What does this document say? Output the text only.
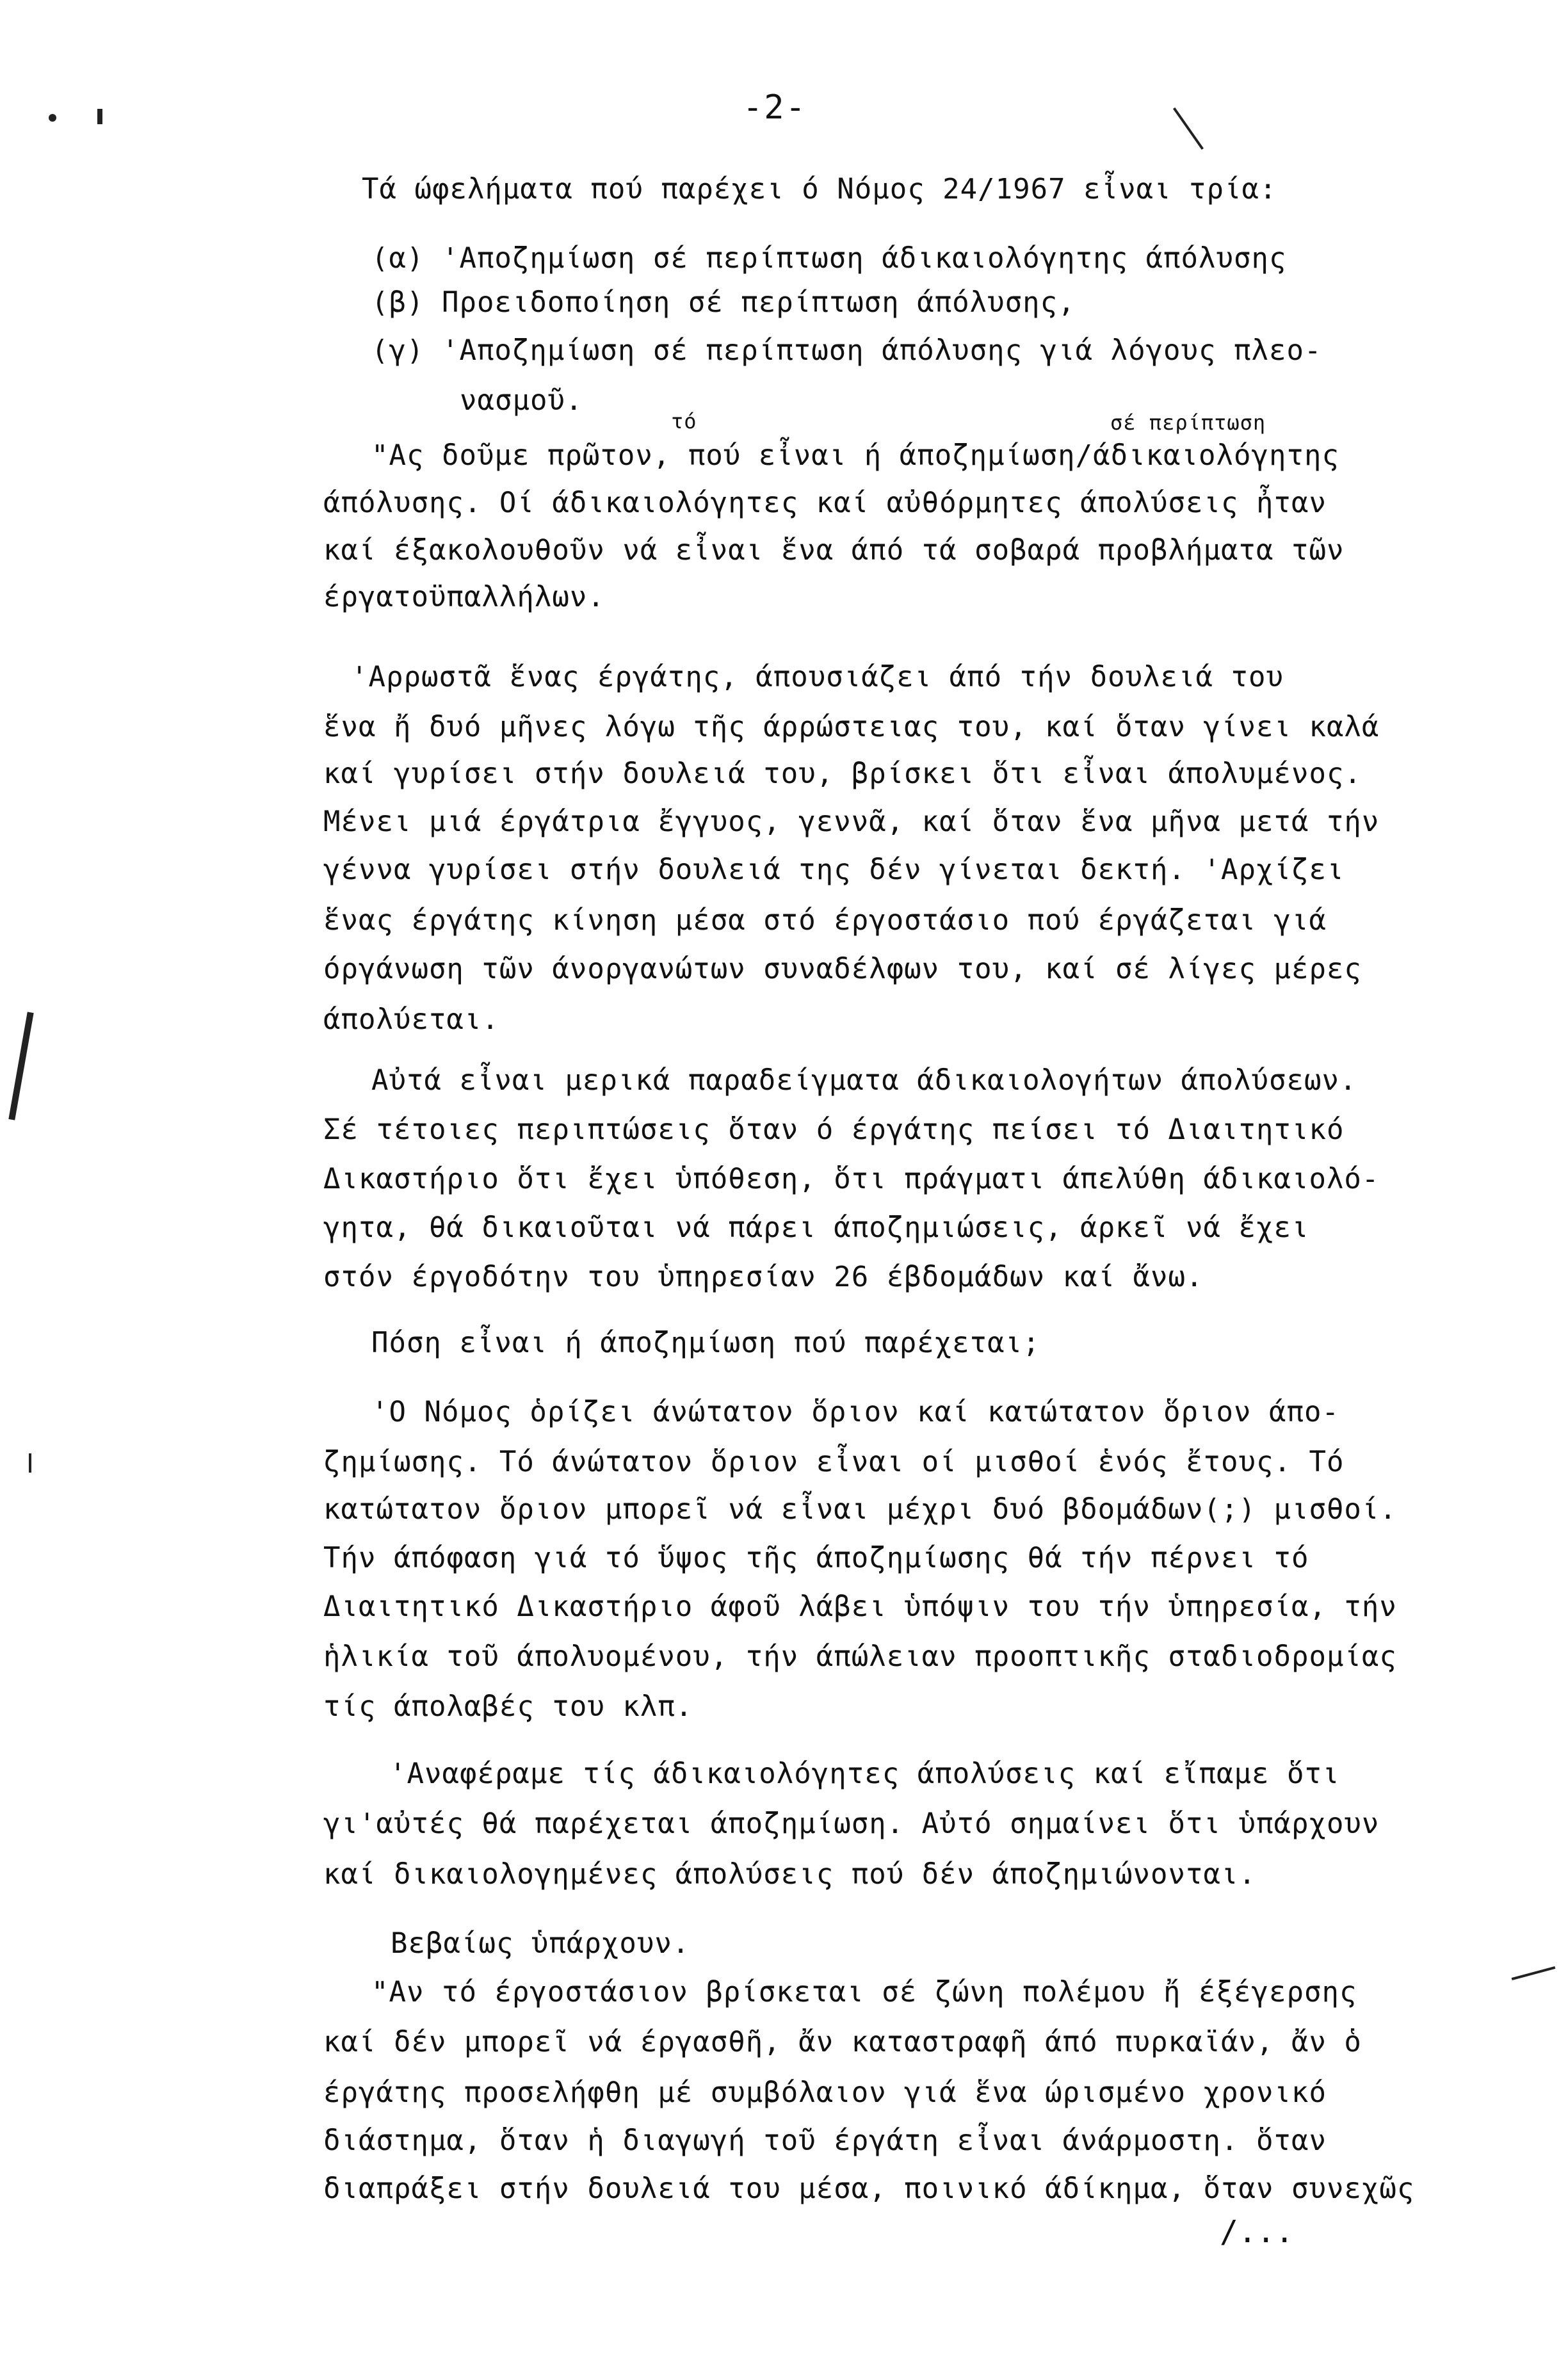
-2-
Τά ώφελήματα πού παρέχει ό Νόμος 24/1967 εἶναι τρία:
(α) 'Αποζημίωση σέ περίπτωση άδικαιολόγητης άπόλυσης
(β) Προειδοποίηση σέ περίπτωση άπόλυσης,
(γ) 'Αποζημίωση σέ περίπτωση άπόλυσης γιά λόγους πλεο-
νασμοῦ.
τό	σέ περίπτωση
"Ας δοῦμε πρῶτον, πού εἶναι ή άποζημίωση/άδικαιολόγητης
άπόλυσης. Οί άδικαιολόγητες καί αὐθόρμητες άπολύσεις ἦταν
καί έξακολουθοῦν νά εἶναι ἕνα άπό τά σοβαρά προβλήματα τῶν
έργατοϋπαλλήλων.
'Αρρωστᾶ ἕνας έργάτης, άπουσιάζει άπό τήν δουλειά του
ἕνα ἤ δυό μῆνες λόγω τῆς άρρώστειας του, καί ὅταν γίνει καλά
καί γυρίσει στήν δουλειά του, βρίσκει ὅτι εἶναι άπολυμένος.
Μένει μιά έργάτρια ἔγγυος, γεννᾶ, καί ὅταν ἕνα μῆνα μετά τήν
γέννα γυρίσει στήν δουλειά της δέν γίνεται δεκτή. 'Αρχίζει
ἕνας έργάτης κίνηση μέσα στό έργοστάσιο πού έργάζεται γιά
όργάνωση τῶν άνοργανώτων συναδέλφων του, καί σέ λίγες μέρες
άπολύεται.
Αὐτά εἶναι μερικά παραδείγματα άδικαιολογήτων άπολύσεων.
Σέ τέτοιες περιπτώσεις ὅταν ό έργάτης πείσει τό Διαιτητικό
Δικαστήριο ὅτι ἔχει ὑπόθεση, ὅτι πράγματι άπελύθη άδικαιολό-
γητα, θά δικαιοῦται νά πάρει άποζημιώσεις, άρκεῖ νά ἔχει
στόν έργοδότην του ὑπηρεσίαν 26 έβδομάδων καί ἄνω.
Πόση εἶναι ή άποζημίωση πού παρέχεται;
'Ο Νόμος ὁρίζει άνώτατον ὅριον καί κατώτατον ὅριον άπο-
ζημίωσης. Τό άνώτατον ὅριον εἶναι οί μισθοί ἑνός ἔτους. Τό
κατώτατον ὅριον μπορεῖ νά εἶναι μέχρι δυό βδομάδων(;) μισθοί.
Τήν άπόφαση γιά τό ὕψος τῆς άποζημίωσης θά τήν πέρνει τό
Διαιτητικό Δικαστήριο άφοῦ λάβει ὑπόψιν του τήν ὑπηρεσία, τήν
ἡλικία τοῦ άπολυομένου, τήν άπώλειαν προοπτικῆς σταδιοδρομίας
τίς άπολαβές του κλπ.
'Αναφέραμε τίς άδικαιολόγητες άπολύσεις καί εἴπαμε ὅτι
γι'αὐτές θά παρέχεται άποζημίωση. Αὐτό σημαίνει ὅτι ὑπάρχουν
καί δικαιολογημένες άπολύσεις πού δέν άποζημιώνονται.
Βεβαίως ὑπάρχουν.
"Αν τό έργοστάσιον βρίσκεται σέ ζώνη πολέμου ἤ έξέγερσης
καί δέν μπορεῖ νά έργασθῆ, ἄν καταστραφῆ άπό πυρκαϊάν, ἄν ὁ
έργάτης προσελήφθη μέ συμβόλαιον γιά ἕνα ώρισμένο χρονικό
διάστημα, ὅταν ἡ διαγωγή τοῦ έργάτη εἶναι άνάρμοστη. ὅταν
διαπράξει στήν δουλειά του μέσα, ποινικό άδίκημα, ὅταν συνεχῶς
/...
